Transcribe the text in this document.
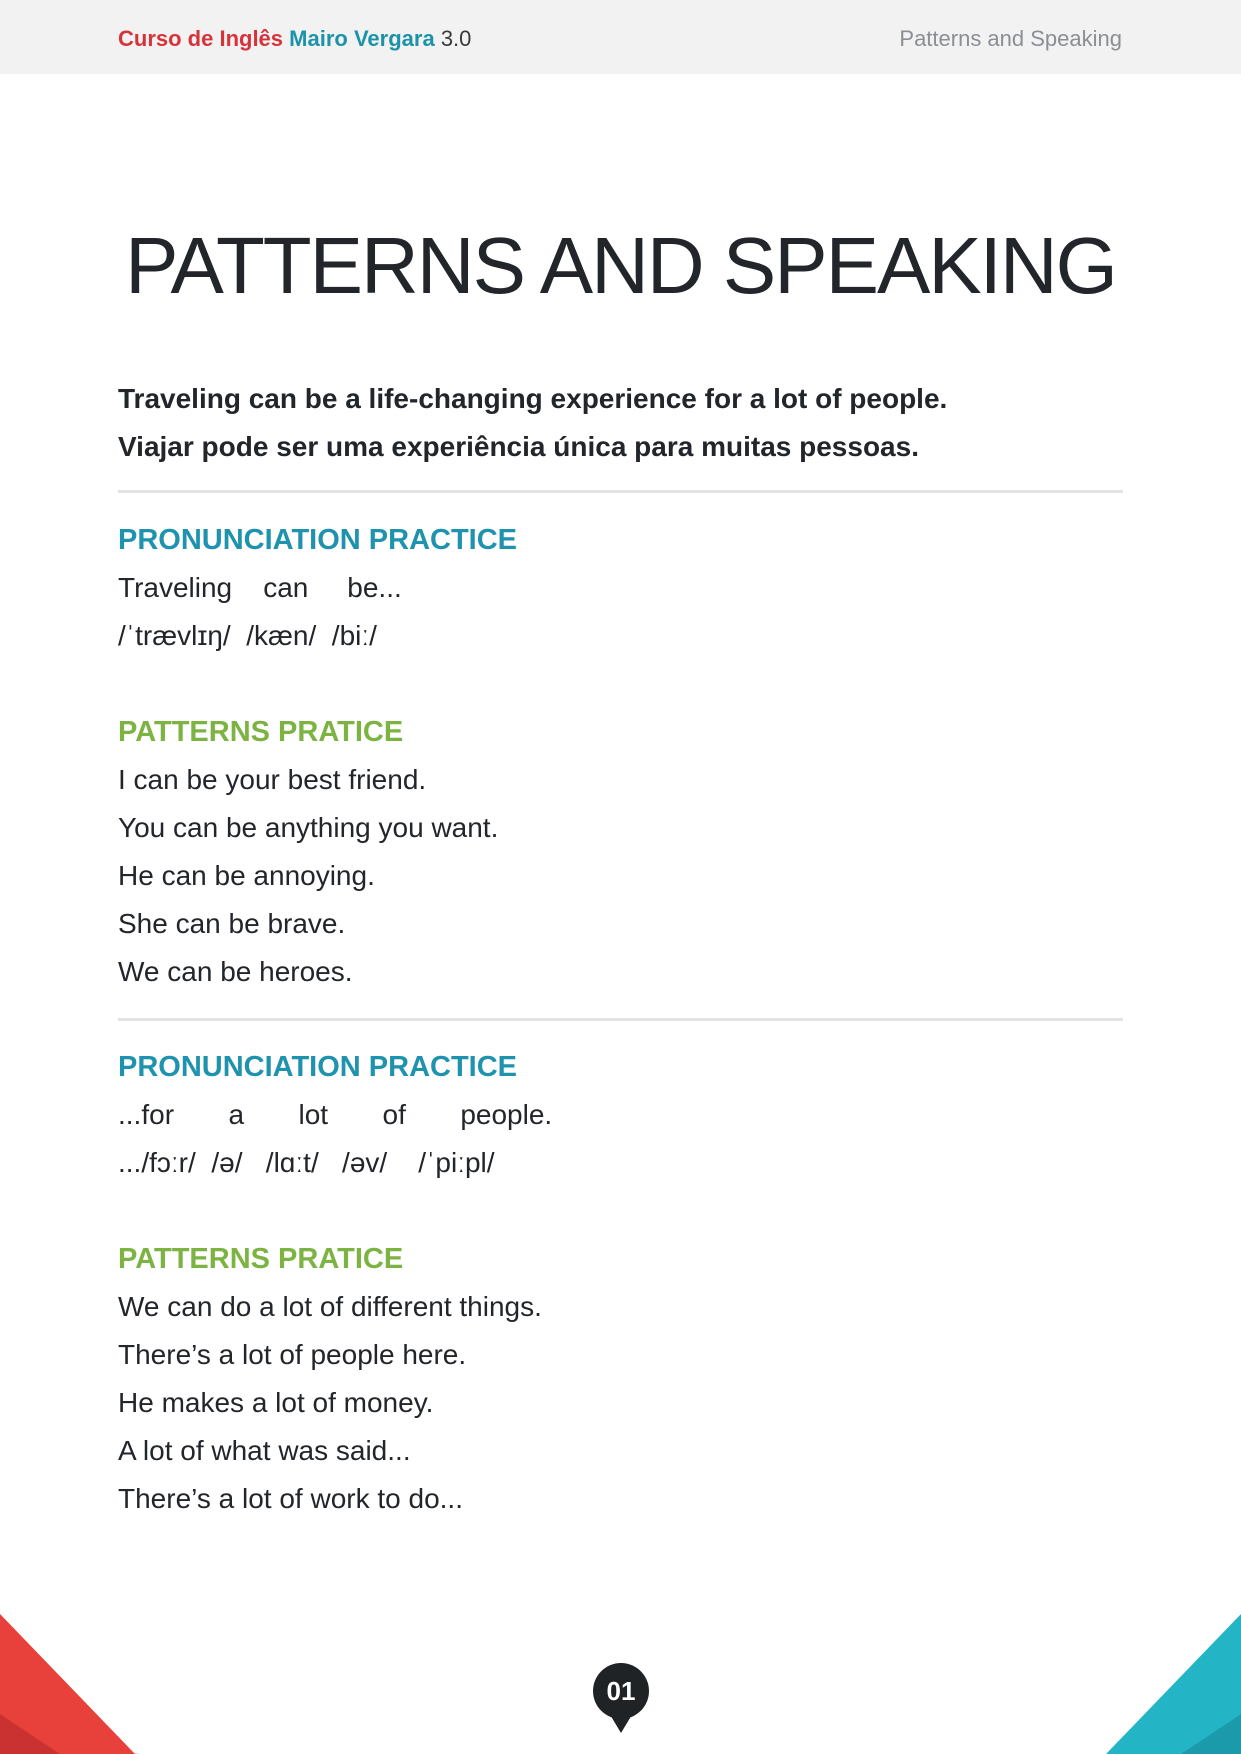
Curso de Inglês Mairo Vergara 3.0	Patterns and Speaking
PATTERNS AND SPEAKING
Traveling can be a life-changing experience for a lot of people.
Viajar pode ser uma experiência única para muitas pessoas.
PRONUNCIATION PRACTICE
Traveling    can     be...
/ˈtrævlɪŋ/  /kæn/  /biː/
PATTERNS PRATICE
I can be your best friend.
You can be anything you want.
He can be annoying.
She can be brave.
We can be heroes.
PRONUNCIATION PRACTICE
...for       a       lot       of       people.
.../fɔːr/  /ə/   /lɑːt/   /əv/    /ˈpiːpl/
PATTERNS PRATICE
We can do a lot of different things.
There’s a lot of people here.
He makes a lot of money.
A lot of what was said...
There’s a lot of work to do...
01
